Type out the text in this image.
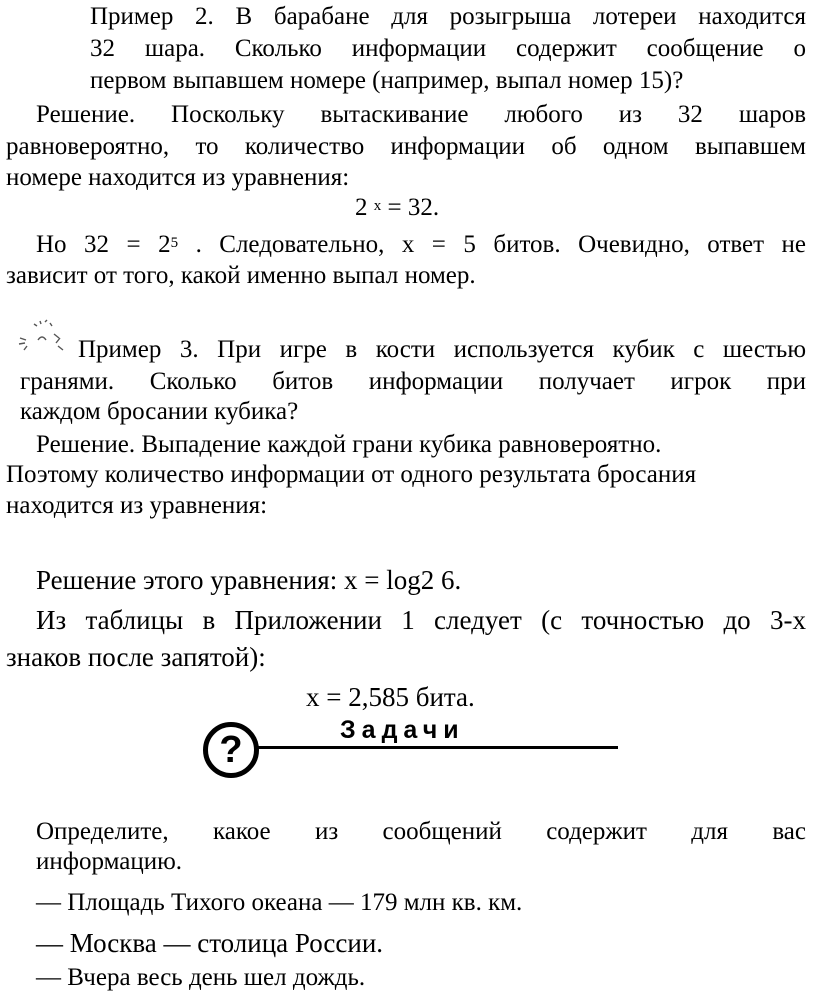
Пример 2. В барабане для розыгрыша лотереи находится
32 шара. Сколько информации содержит сообщение о
первом выпавшем номере (например, выпал номер 15)?
Решение. Поскольку вытаскивание любого из 32 шаров
равновероятно, то количество информации об одном выпавшем
номере находится из уравнения:
2 $^x$ = 32.
Но $32 = 2^5$ . Следовательно, x = 5 битов. Очевидно, ответ не
зависит от того, какой именно выпал номер.
Пример 3. При игре в кости используется кубик с шестью
гранями. Сколько битов информации получает игрок при
каждом бросании кубика?
Решение. Выпадение каждой грани кубика равновероятно.
Поэтому количество информации от одного результата бросания
находится из уравнения:
Решение этого уравнения: x = log2 6.
Из таблицы в Приложении 1 следует (с точностью до 3-х
знаков после запятой):
x = 2,585 бита.
?	Задачи
Определите, какое из сообщений содержит для вас
информацию.
— Площадь Тихого океана — 179 млн кв. км.
— Москва — столица России.
— Вчера весь день шел дождь.
